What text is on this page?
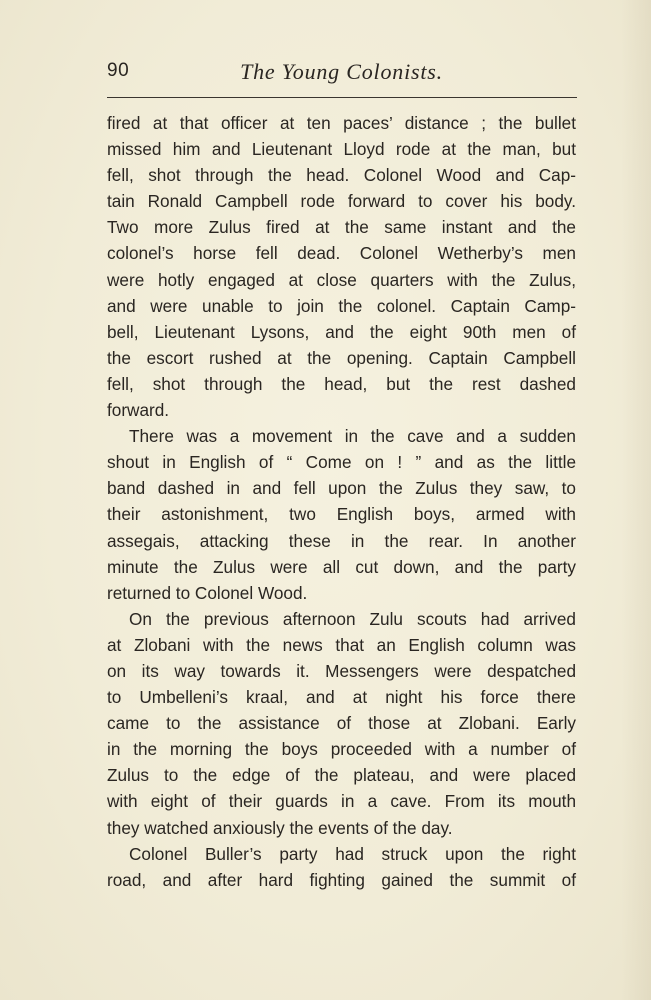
90	The Young Colonists.
fired at that officer at ten paces’ distance ; the bullet
missed him and Lieutenant Lloyd rode at the man, but
fell, shot through the head. Colonel Wood and Cap-
tain Ronald Campbell rode forward to cover his body.
Two more Zulus fired at the same instant and the
colonel’s horse fell dead. Colonel Wetherby’s men
were hotly engaged at close quarters with the Zulus,
and were unable to join the colonel. Captain Camp-
bell, Lieutenant Lysons, and the eight 90th men of
the escort rushed at the opening. Captain Campbell
fell, shot through the head, but the rest dashed
forward.
There was a movement in the cave and a sudden
shout in English of “ Come on ! ” and as the little
band dashed in and fell upon the Zulus they saw, to
their astonishment, two English boys, armed with
assegais, attacking these in the rear. In another
minute the Zulus were all cut down, and the party
returned to Colonel Wood.
On the previous afternoon Zulu scouts had arrived
at Zlobani with the news that an English column was
on its way towards it. Messengers were despatched
to Umbelleni’s kraal, and at night his force there
came to the assistance of those at Zlobani. Early
in the morning the boys proceeded with a number of
Zulus to the edge of the plateau, and were placed
with eight of their guards in a cave. From its mouth
they watched anxiously the events of the day.
Colonel Buller’s party had struck upon the right
road, and after hard fighting gained the summit of
